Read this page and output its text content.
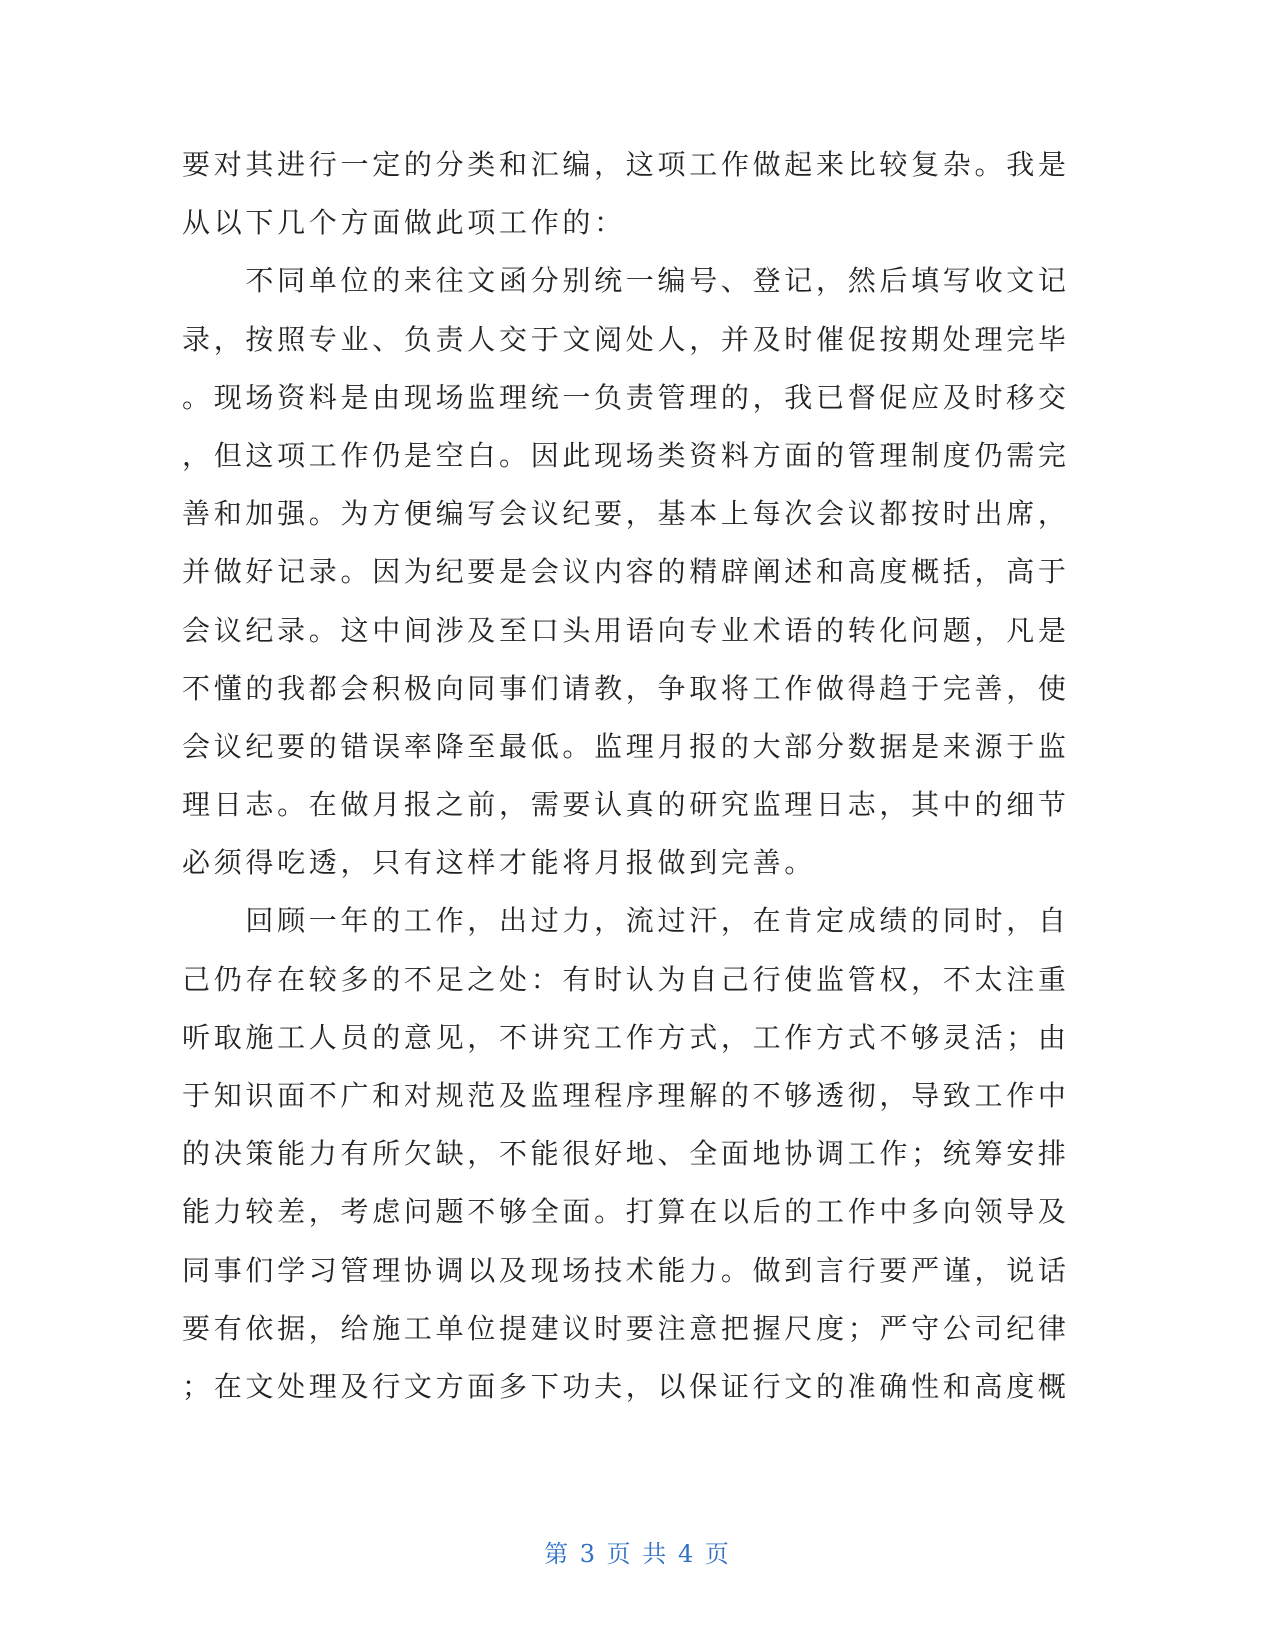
要对其进行一定的分类和汇编，这项工作做起来比较复杂。我是
从以下几个方面做此项工作的：
　　不同单位的来往文函分别统一编号、登记，然后填写收文记
录，按照专业、负责人交于文阅处人，并及时催促按期处理完毕
。现场资料是由现场监理统一负责管理的，我已督促应及时移交
，但这项工作仍是空白。因此现场类资料方面的管理制度仍需完
善和加强。为方便编写会议纪要，基本上每次会议都按时出席，
并做好记录。因为纪要是会议内容的精辟阐述和高度概括，高于
会议纪录。这中间涉及至口头用语向专业术语的转化问题，凡是
不懂的我都会积极向同事们请教，争取将工作做得趋于完善，使
会议纪要的错误率降至最低。监理月报的大部分数据是来源于监
理日志。在做月报之前，需要认真的研究监理日志，其中的细节
必须得吃透，只有这样才能将月报做到完善。
　　回顾一年的工作，出过力，流过汗，在肯定成绩的同时，自
己仍存在较多的不足之处：有时认为自己行使监管权，不太注重
听取施工人员的意见，不讲究工作方式，工作方式不够灵活；由
于知识面不广和对规范及监理程序理解的不够透彻，导致工作中
的决策能力有所欠缺，不能很好地、全面地协调工作；统筹安排
能力较差，考虑问题不够全面。打算在以后的工作中多向领导及
同事们学习管理协调以及现场技术能力。做到言行要严谨，说话
要有依据，给施工单位提建议时要注意把握尺度；严守公司纪律
；在文处理及行文方面多下功夫，以保证行文的准确性和高度概
第 3 页 共 4 页
